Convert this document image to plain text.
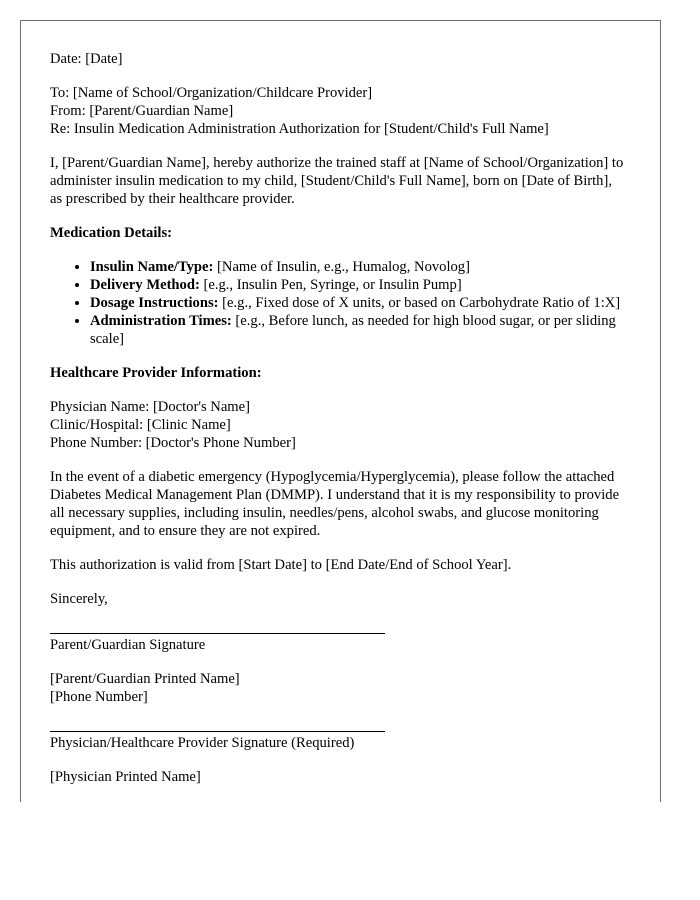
Date: [Date]

To: [Name of School/Organization/Childcare Provider]
From: [Parent/Guardian Name]
Re: Insulin Medication Administration Authorization for [Student/Child's Full Name]

I, [Parent/Guardian Name], hereby authorize the trained staff at [Name of School/Organization] to administer insulin medication to my child, [Student/Child's Full Name], born on [Date of Birth], as prescribed by their healthcare provider.

Medication Details:
• Insulin Name/Type: [Name of Insulin, e.g., Humalog, Novolog]
• Delivery Method: [e.g., Insulin Pen, Syringe, or Insulin Pump]
• Dosage Instructions: [e.g., Fixed dose of X units, or based on Carbohydrate Ratio of 1:X]
• Administration Times: [e.g., Before lunch, as needed for high blood sugar, or per sliding scale]
Healthcare Provider Information:
Physician Name: [Doctor's Name]
Clinic/Hospital: [Clinic Name]
Phone Number: [Doctor's Phone Number]

In the event of a diabetic emergency (Hypoglycemia/Hyperglycemia), please follow the attached Diabetes Medical Management Plan (DMMP). I understand that it is my responsibility to provide all necessary supplies, including insulin, needles/pens, alcohol swabs, and glucose monitoring equipment, and to ensure they are not expired.

This authorization is valid from [Start Date] to [End Date/End of School Year].

Sincerely,

Parent/Guardian Signature
[Parent/Guardian Printed Name]
[Phone Number]
Physician/Healthcare Provider Signature (Required)
[Physician Printed Name]
